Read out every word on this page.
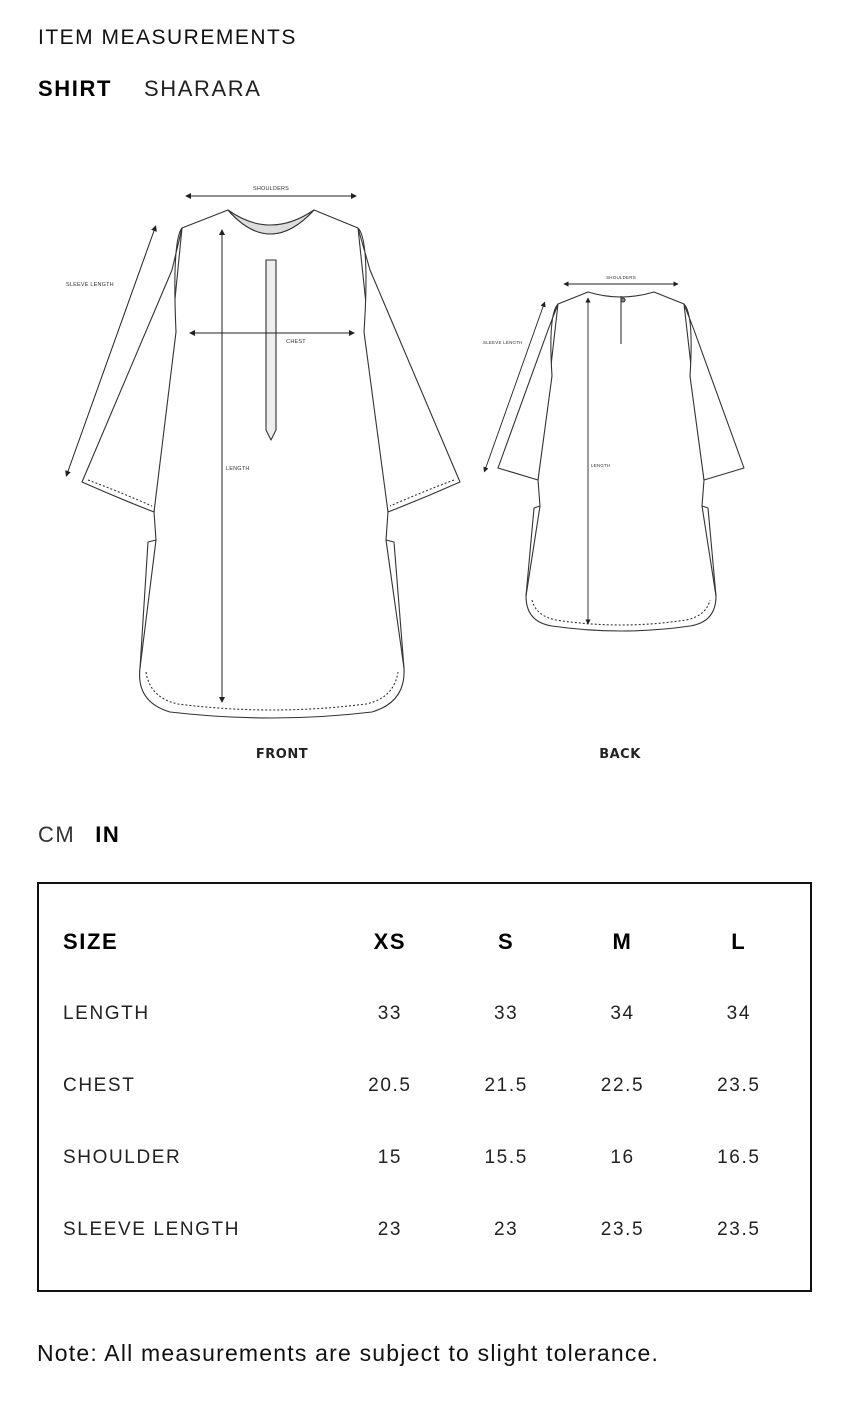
ITEM MEASUREMENTS
SHIRT SHARARA
SHOULDERS
CHEST
LENGTH
SLEEVE LENGTH
FRONT
SHOULDERS
LENGTH
SLEEVE LENGTH
BACK
CM IN
SIZE	XS	S	M	L
LENGTH	33	33	34	34
CHEST	20.5	21.5	22.5	23.5
SHOULDER	15	15.5	16	16.5
SLEEVE LENGTH	23	23	23.5	23.5
Note: All measurements are subject to slight tolerance.
